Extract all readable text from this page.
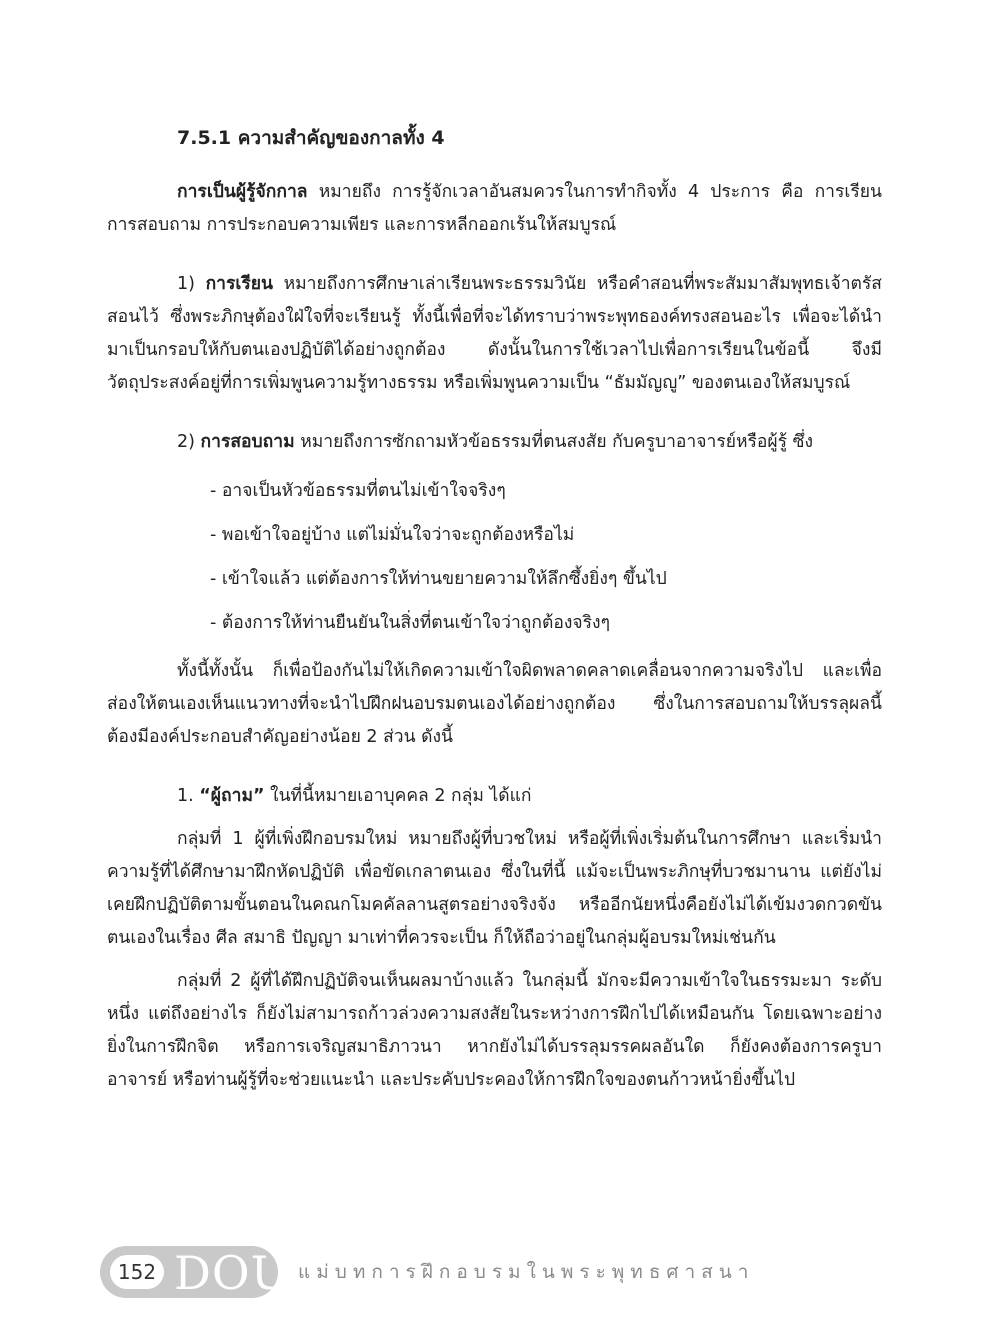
7.5.1 ความสำคัญของกาลทั้ง 4

การเป็นผู้รู้จักกาล หมายถึง การรู้จักเวลาอันสมควรในการทำกิจทั้ง 4 ประการ คือ การเรียน การสอบถาม การประกอบความเพียร และการหลีกออกเร้นให้สมบูรณ์

1) การเรียน หมายถึงการศึกษาเล่าเรียนพระธรรมวินัย หรือคำสอนที่พระสัมมาสัมพุทธเจ้าตรัสสอนไว้ ซึ่งพระภิกษุต้องใฝ่ใจที่จะเรียนรู้ ทั้งนี้เพื่อที่จะได้ทราบว่าพระพุทธองค์ทรงสอนอะไร เพื่อจะได้นำมาเป็นกรอบให้กับตนเองปฏิบัติได้อย่างถูกต้อง ดังนั้นในการใช้เวลาไปเพื่อการเรียนในข้อนี้ จึงมีวัตถุประสงค์อยู่ที่การเพิ่มพูนความรู้ทางธรรม หรือเพิ่มพูนความเป็น “ธัมมัญญู” ของตนเองให้สมบูรณ์

2) การสอบถาม หมายถึงการซักถามหัวข้อธรรมที่ตนสงสัย กับครูบาอาจารย์หรือผู้รู้ ซึ่ง

- อาจเป็นหัวข้อธรรมที่ตนไม่เข้าใจจริงๆ

- พอเข้าใจอยู่บ้าง แต่ไม่มั่นใจว่าจะถูกต้องหรือไม่

- เข้าใจแล้ว แต่ต้องการให้ท่านขยายความให้ลึกซึ้งยิ่งๆ ขึ้นไป

- ต้องการให้ท่านยืนยันในสิ่งที่ตนเข้าใจว่าถูกต้องจริงๆ

ทั้งนี้ทั้งนั้น ก็เพื่อป้องกันไม่ให้เกิดความเข้าใจผิดพลาดคลาดเคลื่อนจากความจริงไป และเพื่อส่องให้ตนเองเห็นแนวทางที่จะนำไปฝึกฝนอบรมตนเองได้อย่างถูกต้อง ซึ่งในการสอบถามให้บรรลุผลนี้ ต้องมีองค์ประกอบสำคัญอย่างน้อย 2 ส่วน ดังนี้

1. “ผู้ถาม” ในที่นี้หมายเอาบุคคล 2 กลุ่ม ได้แก่

กลุ่มที่ 1 ผู้ที่เพิ่งฝึกอบรมใหม่ หมายถึงผู้ที่บวชใหม่ หรือผู้ที่เพิ่งเริ่มต้นในการศึกษา และเริ่มนำความรู้ที่ได้ศึกษามาฝึกหัดปฏิบัติ เพื่อขัดเกลาตนเอง ซึ่งในที่นี้ แม้จะเป็นพระภิกษุที่บวชมานาน แต่ยังไม่เคยฝึกปฏิบัติตามขั้นตอนในคณกโมคคัลลานสูตรอย่างจริงจัง หรืออีกนัยหนึ่งคือยังไม่ได้เข้มงวดกวดขันตนเองในเรื่อง ศีล สมาธิ ปัญญา มาเท่าที่ควรจะเป็น ก็ให้ถือว่าอยู่ในกลุ่มผู้อบรมใหม่เช่นกัน

กลุ่มที่ 2 ผู้ที่ได้ฝึกปฏิบัติจนเห็นผลมาบ้างแล้ว ในกลุ่มนี้ มักจะมีความเข้าใจในธรรมะมา ระดับหนึ่ง แต่ถึงอย่างไร ก็ยังไม่สามารถก้าวล่วงความสงสัยในระหว่างการฝึกไปได้เหมือนกัน โดยเฉพาะอย่างยิ่งในการฝึกจิต หรือการเจริญสมาธิภาวนา หากยังไม่ได้บรรลุมรรคผลอันใด ก็ยังคงต้องการครูบาอาจารย์ หรือท่านผู้รู้ที่จะช่วยแนะนำ และประคับประคองให้การฝึกใจของตนก้าวหน้ายิ่งขึ้นไป

152 DOU แม่บทการฝึกอบรมในพระพุทธศาสนา
